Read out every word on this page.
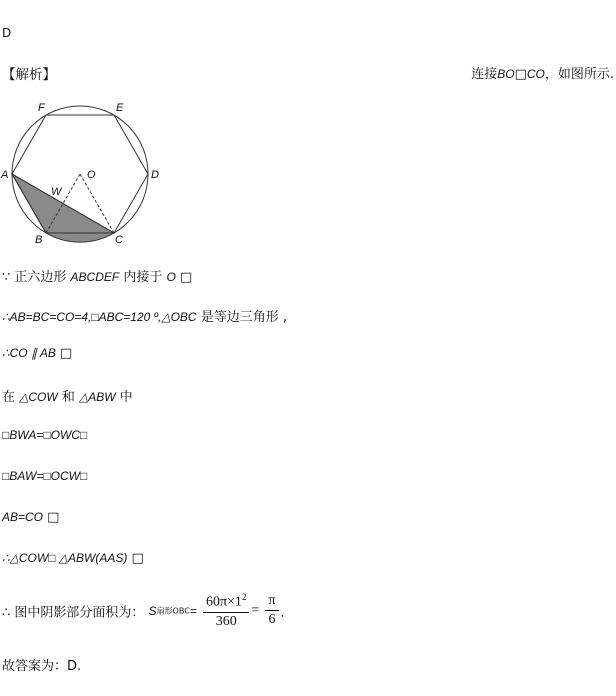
D
【解析】	连接BO□CO，如图所示.
F	E
A	O	D
W
B	C
∵ 正六边形 ABCDEF 内接于 O □
∴AB=BC=CO=4,□ABC=120 º,△OBC 是等边三角形 ,
∴CO ∥ AB □
在 △COW 和 △ABW 中
□BWA=□OWC□
□BAW=□OCW□
AB=CO □
∴△COW□ △ABW(AAS) □
∴ 图中阴影部分面积为： S扇形$OBC= \frac{60\pi\times 1^2}{360} = \frac{\pi}{6}$ ．
故答案为：D.
